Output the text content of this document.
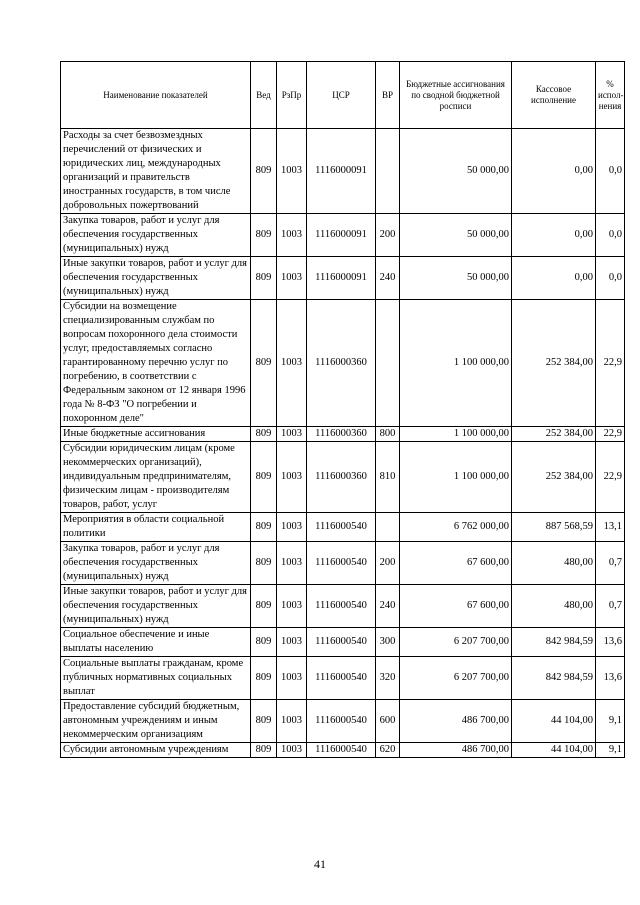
Наименование показателей	Вед	РзПр	ЦСР	ВР	Бюджетные ассигнования по сводной бюджетной росписи	Кассовое исполнение	% испол-нения
Расходы за счет безвозмездных перечислений от физических и юридических лиц, международных организаций и правительств иностранных государств, в том числе добровольных пожертвований	809	1003	1116000091		50 000,00	0,00	0,0
Закупка товаров, работ и услуг для обеспечения государственных (муниципальных) нужд	809	1003	1116000091	200	50 000,00	0,00	0,0
Иные закупки товаров, работ и услуг для обеспечения государственных (муниципальных) нужд	809	1003	1116000091	240	50 000,00	0,00	0,0
Субсидии на возмещение специализированным службам по вопросам похоронного дела стоимости услуг, предоставляемых согласно гарантированному перечню услуг по погребению, в соответствии с Федеральным законом от 12 января 1996 года № 8-ФЗ "О погребении и похоронном деле"	809	1003	1116000360		1 100 000,00	252 384,00	22,9
Иные бюджетные ассигнования	809	1003	1116000360	800	1 100 000,00	252 384,00	22,9
Субсидии юридическим лицам (кроме некоммерческих организаций), индивидуальным предпринимателям, физическим лицам - производителям товаров, работ, услуг	809	1003	1116000360	810	1 100 000,00	252 384,00	22,9
Мероприятия в области социальной политики	809	1003	1116000540		6 762 000,00	887 568,59	13,1
Закупка товаров, работ и услуг для обеспечения государственных (муниципальных) нужд	809	1003	1116000540	200	67 600,00	480,00	0,7
Иные закупки товаров, работ и услуг для обеспечения государственных (муниципальных) нужд	809	1003	1116000540	240	67 600,00	480,00	0,7
Социальное обеспечение и иные выплаты населению	809	1003	1116000540	300	6 207 700,00	842 984,59	13,6
Социальные выплаты гражданам, кроме публичных нормативных социальных выплат	809	1003	1116000540	320	6 207 700,00	842 984,59	13,6
Предоставление субсидий бюджетным, автономным учреждениям и иным некоммерческим организациям	809	1003	1116000540	600	486 700,00	44 104,00	9,1
Субсидии автономным учреждениям	809	1003	1116000540	620	486 700,00	44 104,00	9,1
41
